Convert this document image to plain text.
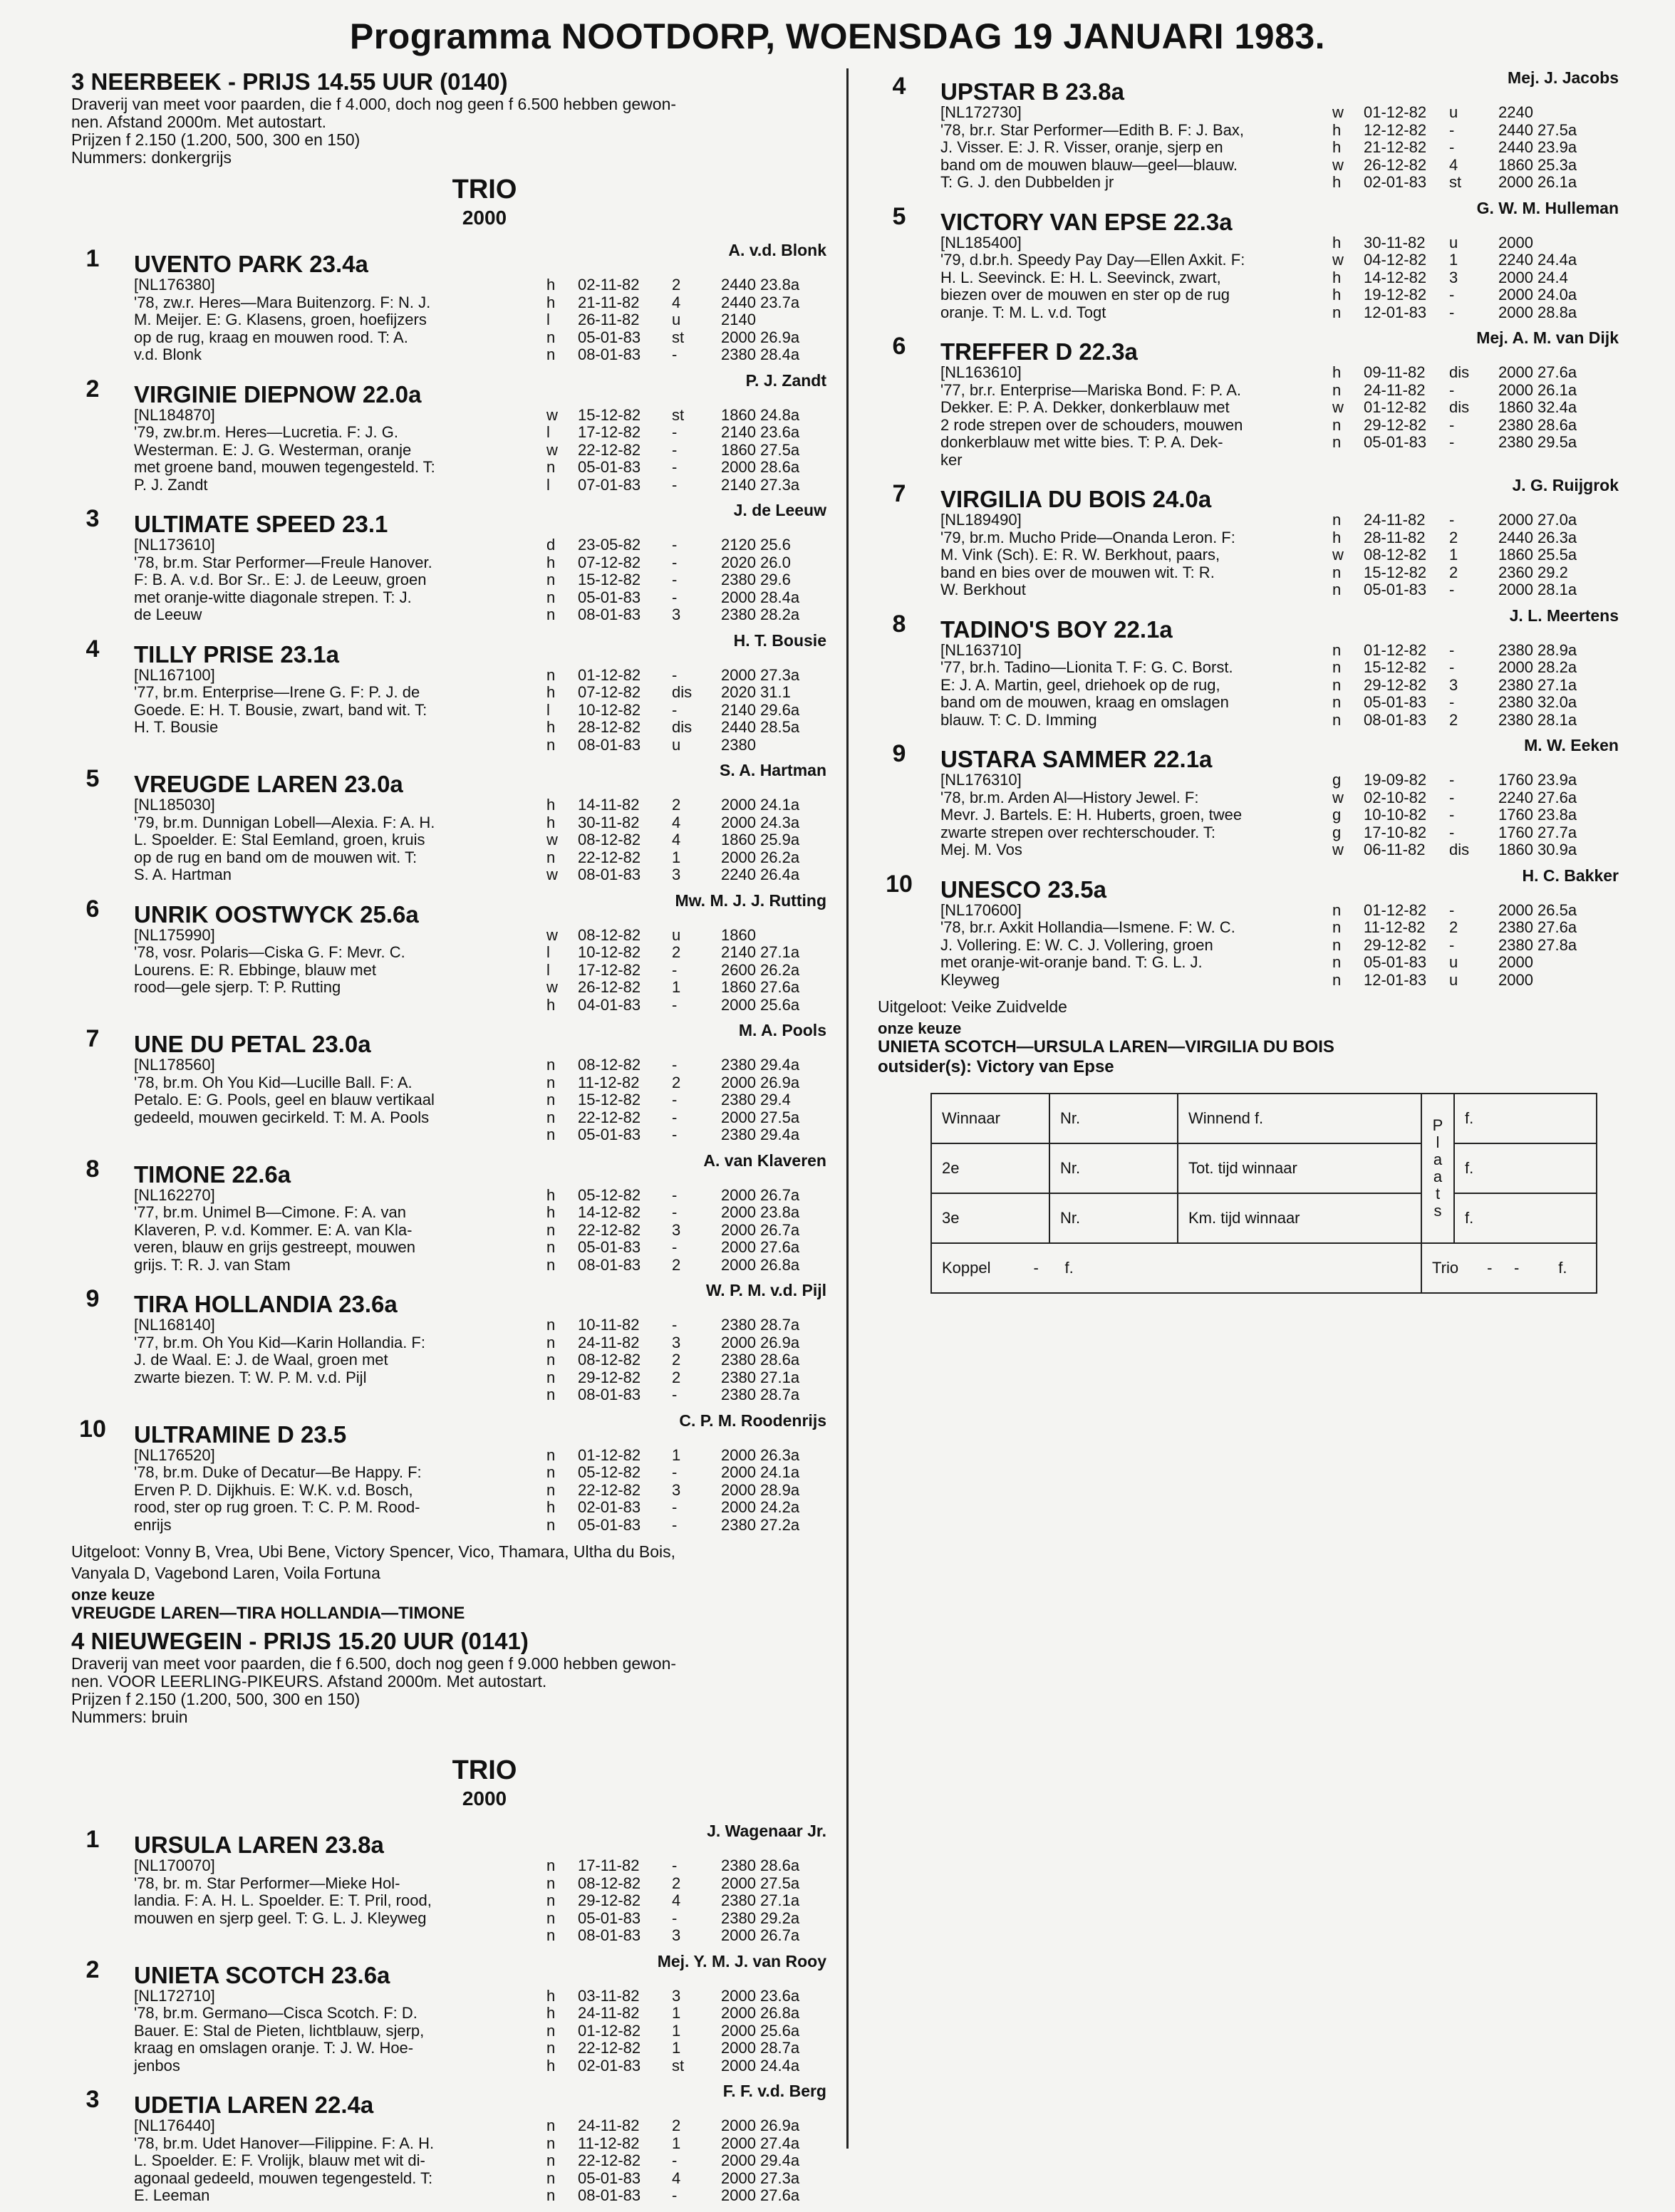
Programma NOOTDORP, WOENSDAG 19 JANUARI 1983.
3 NEERBEEK - PRIJS 14.55 UUR (0140)
Draverij van meet voor paarden, die f 4.000, doch nog geen f 6.500 hebben gewon-
nen. Afstand 2000m. Met autostart.
Prijzen f 2.150 (1.200, 500, 300 en 150)
Nummers: donkergrijs
TRIO
2000
1	A. v.d. Blonk
UVENTO PARK 23.4a
[NL176380]
'78, zw.r. Heres—Mara Buitenzorg. F: N. J.
M. Meijer. E: G. Klasens, groen, hoefijzers
op de rug, kraag en mouwen rood. T: A.
v.d. Blonk
h	02-11-82	2	2440 23.8a
h	21-11-82	4	2440 23.7a
l	26-11-82	u	2140
n	05-01-83	st	2000 26.9a
n	08-01-83	-	2380 28.4a
2	P. J. Zandt
VIRGINIE DIEPNOW 22.0a
[NL184870]
'79, zw.br.m. Heres—Lucretia. F: J. G.
Westerman. E: J. G. Westerman, oranje
met groene band, mouwen tegengesteld. T:
P. J. Zandt
w	15-12-82	st	1860 24.8a
l	17-12-82	-	2140 23.6a
w	22-12-82	-	1860 27.5a
n	05-01-83	-	2000 28.6a
l	07-01-83	-	2140 27.3a
3	J. de Leeuw
ULTIMATE SPEED 23.1
[NL173610]
'78, br.m. Star Performer—Freule Hanover.
F: B. A. v.d. Bor Sr.. E: J. de Leeuw, groen
met oranje-witte diagonale strepen. T: J.
de Leeuw
d	23-05-82	-	2120 25.6
h	07-12-82	-	2020 26.0
n	15-12-82	-	2380 29.6
n	05-01-83	-	2000 28.4a
n	08-01-83	3	2380 28.2a
4	H. T. Bousie
TILLY PRISE 23.1a
[NL167100]
'77, br.m. Enterprise—Irene G. F: P. J. de
Goede. E: H. T. Bousie, zwart, band wit. T:
H. T. Bousie
n	01-12-82	-	2000 27.3a
h	07-12-82	dis	2020 31.1
l	10-12-82	-	2140 29.6a
h	28-12-82	dis	2440 28.5a
n	08-01-83	u	2380
5	S. A. Hartman
VREUGDE LAREN 23.0a
[NL185030]
'79, br.m. Dunnigan Lobell—Alexia. F: A. H.
L. Spoelder. E: Stal Eemland, groen, kruis
op de rug en band om de mouwen wit. T:
S. A. Hartman
h	14-11-82	2	2000 24.1a
h	30-11-82	4	2000 24.3a
w	08-12-82	4	1860 25.9a
n	22-12-82	1	2000 26.2a
w	08-01-83	3	2240 26.4a
6	Mw. M. J. J. Rutting
UNRIK OOSTWYCK 25.6a
[NL175990]
'78, vosr. Polaris—Ciska G. F: Mevr. C.
Lourens. E: R. Ebbinge, blauw met
rood—gele sjerp. T: P. Rutting
w	08-12-82	u	1860
l	10-12-82	2	2140 27.1a
l	17-12-82	-	2600 26.2a
w	26-12-82	1	1860 27.6a
h	04-01-83	-	2000 25.6a
7	M. A. Pools
UNE DU PETAL 23.0a
[NL178560]
'78, br.m. Oh You Kid—Lucille Ball. F: A.
Petalo. E: G. Pools, geel en blauw vertikaal
gedeeld, mouwen gecirkeld. T: M. A. Pools
n	08-12-82	-	2380 29.4a
n	11-12-82	2	2000 26.9a
n	15-12-82	-	2380 29.4
n	22-12-82	-	2000 27.5a
n	05-01-83	-	2380 29.4a
8	A. van Klaveren
TIMONE 22.6a
[NL162270]
'77, br.m. Unimel B—Cimone. F: A. van
Klaveren, P. v.d. Kommer. E: A. van Kla-
veren, blauw en grijs gestreept, mouwen
grijs. T: R. J. van Stam
h	05-12-82	-	2000 26.7a
h	14-12-82	-	2000 23.8a
n	22-12-82	3	2000 26.7a
n	05-01-83	-	2000 27.6a
n	08-01-83	2	2000 26.8a
9	W. P. M. v.d. Pijl
TIRA HOLLANDIA 23.6a
[NL168140]
'77, br.m. Oh You Kid—Karin Hollandia. F:
J. de Waal. E: J. de Waal, groen met
zwarte biezen. T: W. P. M. v.d. Pijl
n	10-11-82	-	2380 28.7a
n	24-11-82	3	2000 26.9a
n	08-12-82	2	2380 28.6a
n	29-12-82	2	2380 27.1a
n	08-01-83	-	2380 28.7a
10	C. P. M. Roodenrijs
ULTRAMINE D 23.5
[NL176520]
'78, br.m. Duke of Decatur—Be Happy. F:
Erven P. D. Dijkhuis. E: W.K. v.d. Bosch,
rood, ster op rug groen. T: C. P. M. Rood-
enrijs
n	01-12-82	1	2000 26.3a
n	05-12-82	-	2000 24.1a
n	22-12-82	3	2000 28.9a
h	02-01-83	-	2000 24.2a
n	05-01-83	-	2380 27.2a
Uitgeloot: Vonny B, Vrea, Ubi Bene, Victory Spencer, Vico, Thamara, Ultha du Bois,
Vanyala D, Vagebond Laren, Voila Fortuna
onze keuze
VREUGDE LAREN—TIRA HOLLANDIA—TIMONE
4 NIEUWEGEIN - PRIJS 15.20 UUR (0141)
Draverij van meet voor paarden, die f 6.500, doch nog geen f 9.000 hebben gewon-
nen. VOOR LEERLING-PIKEURS. Afstand 2000m. Met autostart.
Prijzen f 2.150 (1.200, 500, 300 en 150)
Nummers: bruin
TRIO
2000
1	J. Wagenaar Jr.
URSULA LAREN 23.8a
[NL170070]
'78, br. m. Star Performer—Mieke Hol-
landia. F: A. H. L. Spoelder. E: T. Pril, rood,
mouwen en sjerp geel. T: G. L. J. Kleyweg
n	17-11-82	-	2380 28.6a
n	08-12-82	2	2000 27.5a
n	29-12-82	4	2380 27.1a
n	05-01-83	-	2380 29.2a
n	08-01-83	3	2000 26.7a
2	Mej. Y. M. J. van Rooy
UNIETA SCOTCH 23.6a
[NL172710]
'78, br.m. Germano—Cisca Scotch. F: D.
Bauer. E: Stal de Pieten, lichtblauw, sjerp,
kraag en omslagen oranje. T: J. W. Hoe-
jenbos
h	03-11-82	3	2000 23.6a
h	24-11-82	1	2000 26.8a
n	01-12-82	1	2000 25.6a
n	22-12-82	1	2000 28.7a
h	02-01-83	st	2000 24.4a
3	F. F. v.d. Berg
UDETIA LAREN 22.4a
[NL176440]
'78, br.m. Udet Hanover—Filippine. F: A. H.
L. Spoelder. E: F. Vrolijk, blauw met wit di-
agonaal gedeeld, mouwen tegengesteld. T:
E. Leeman
n	24-11-82	2	2000 26.9a
n	11-12-82	1	2000 27.4a
n	22-12-82	-	2000 29.4a
n	05-01-83	4	2000 27.3a
n	08-01-83	-	2000 27.6a
4	Mej. J. Jacobs
UPSTAR B 23.8a
[NL172730]
'78, br.r. Star Performer—Edith B. F: J. Bax,
J. Visser. E: J. R. Visser, oranje, sjerp en
band om de mouwen blauw—geel—blauw.
T: G. J. den Dubbelden jr
w	01-12-82	u	2240
h	12-12-82	-	2440 27.5a
h	21-12-82	-	2440 23.9a
w	26-12-82	4	1860 25.3a
h	02-01-83	st	2000 26.1a
5	G. W. M. Hulleman
VICTORY VAN EPSE 22.3a
[NL185400]
'79, d.br.h. Speedy Pay Day—Ellen Axkit. F:
H. L. Seevinck. E: H. L. Seevinck, zwart,
biezen over de mouwen en ster op de rug
oranje. T: M. L. v.d. Togt
h	30-11-82	u	2000
w	04-12-82	1	2240 24.4a
h	14-12-82	3	2000 24.4
h	19-12-82	-	2000 24.0a
n	12-01-83	-	2000 28.8a
6	Mej. A. M. van Dijk
TREFFER D 22.3a
[NL163610]
'77, br.r. Enterprise—Mariska Bond. F: P. A.
Dekker. E: P. A. Dekker, donkerblauw met
2 rode strepen over de schouders, mouwen
donkerblauw met witte bies. T: P. A. Dek-
ker
h	09-11-82	dis	2000 27.6a
n	24-11-82	-	2000 26.1a
w	01-12-82	dis	1860 32.4a
n	29-12-82	-	2380 28.6a
n	05-01-83	-	2380 29.5a
7	J. G. Ruijgrok
VIRGILIA DU BOIS 24.0a
[NL189490]
'79, br.m. Mucho Pride—Onanda Leron. F:
M. Vink (Sch). E: R. W. Berkhout, paars,
band en bies over de mouwen wit. T: R.
W. Berkhout
n	24-11-82	-	2000 27.0a
h	28-11-82	2	2440 26.3a
w	08-12-82	1	1860 25.5a
n	15-12-82	2	2360 29.2
n	05-01-83	-	2000 28.1a
8	J. L. Meertens
TADINO'S BOY 22.1a
[NL163710]
'77, br.h. Tadino—Lionita T. F: G. C. Borst.
E: J. A. Martin, geel, driehoek op de rug,
band om de mouwen, kraag en omslagen
blauw. T: C. D. Imming
n	01-12-82	-	2380 28.9a
n	15-12-82	-	2000 28.2a
n	29-12-82	3	2380 27.1a
n	05-01-83	-	2380 32.0a
n	08-01-83	2	2380 28.1a
9	M. W. Eeken
USTARA SAMMER 22.1a
[NL176310]
'78, br.m. Arden Al—History Jewel. F:
Mevr. J. Bartels. E: H. Huberts, groen, twee
zwarte strepen over rechterschouder. T:
Mej. M. Vos
g	19-09-82	-	1760 23.9a
w	02-10-82	-	2240 27.6a
g	10-10-82	-	1760 23.8a
g	17-10-82	-	1760 27.7a
w	06-11-82	dis	1860 30.9a
10	H. C. Bakker
UNESCO 23.5a
[NL170600]
'78, br.r. Axkit Hollandia—Ismene. F: W. C.
J. Vollering. E: W. C. J. Vollering, groen
met oranje-wit-oranje band. T: G. L. J.
Kleyweg
n	01-12-82	-	2000 26.5a
n	11-12-82	2	2380 27.6a
n	29-12-82	-	2380 27.8a
n	05-01-83	u	2000
n	12-01-83	u	2000
Uitgeloot: Veike Zuidvelde
onze keuze
UNIETA SCOTCH—URSULA LAREN—VIRGILIA DU BOIS
outsider(s): Victory van Epse
Winnaar	Nr.	Winnend f.	P l a a t s	f.
2e	Nr.	Tot. tijd winnaar		f.
3e	Nr.	Km. tijd winnaar		f.
Koppel -      f.			Trio -     -         f.	
